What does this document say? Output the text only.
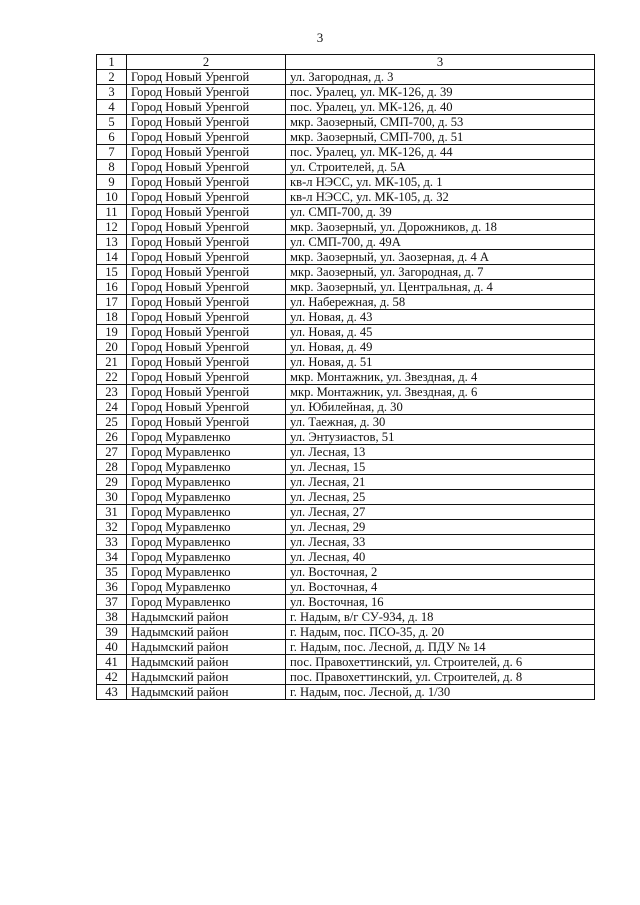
3
1	2	3
2	Город Новый Уренгой	ул. Загородная, д. 3
3	Город Новый Уренгой	пос. Уралец, ул. МК-126, д. 39
4	Город Новый Уренгой	пос. Уралец, ул. МК-126, д. 40
5	Город Новый Уренгой	мкр. Заозерный, СМП-700, д. 53
6	Город Новый Уренгой	мкр. Заозерный, СМП-700, д. 51
7	Город Новый Уренгой	пос. Уралец, ул. МК-126, д. 44
8	Город Новый Уренгой	ул. Строителей, д. 5А
9	Город Новый Уренгой	кв-л НЭСС, ул. МК-105, д. 1
10	Город Новый Уренгой	кв-л НЭСС, ул. МК-105, д. 32
11	Город Новый Уренгой	ул. СМП-700, д. 39
12	Город Новый Уренгой	мкр. Заозерный, ул. Дорожников, д. 18
13	Город Новый Уренгой	ул. СМП-700, д. 49А
14	Город Новый Уренгой	мкр. Заозерный, ул. Заозерная, д. 4 А
15	Город Новый Уренгой	мкр. Заозерный, ул. Загородная, д. 7
16	Город Новый Уренгой	мкр. Заозерный, ул. Центральная, д. 4
17	Город Новый Уренгой	ул. Набережная, д. 58
18	Город Новый Уренгой	ул. Новая, д. 43
19	Город Новый Уренгой	ул. Новая, д. 45
20	Город Новый Уренгой	ул. Новая, д. 49
21	Город Новый Уренгой	ул. Новая, д. 51
22	Город Новый Уренгой	мкр. Монтажник, ул. Звездная, д. 4
23	Город Новый Уренгой	мкр. Монтажник, ул. Звездная, д. 6
24	Город Новый Уренгой	ул. Юбилейная, д. 30
25	Город Новый Уренгой	ул. Таежная, д. 30
26	Город Муравленко	ул. Энтузиастов, 51
27	Город Муравленко	ул. Лесная, 13
28	Город Муравленко	ул. Лесная, 15
29	Город Муравленко	ул. Лесная, 21
30	Город Муравленко	ул. Лесная, 25
31	Город Муравленко	ул. Лесная, 27
32	Город Муравленко	ул. Лесная, 29
33	Город Муравленко	ул. Лесная, 33
34	Город Муравленко	ул. Лесная, 40
35	Город Муравленко	ул. Восточная, 2
36	Город Муравленко	ул. Восточная, 4
37	Город Муравленко	ул. Восточная, 16
38	Надымский район	г. Надым, в/г СУ-934, д. 18
39	Надымский район	г. Надым, пос. ПСО-35, д. 20
40	Надымский район	г. Надым, пос. Лесной, д. ПДУ № 14
41	Надымский район	пос. Правохеттинский, ул. Строителей, д. 6
42	Надымский район	пос. Правохеттинский, ул. Строителей, д. 8
43	Надымский район	г. Надым, пос. Лесной, д. 1/30
